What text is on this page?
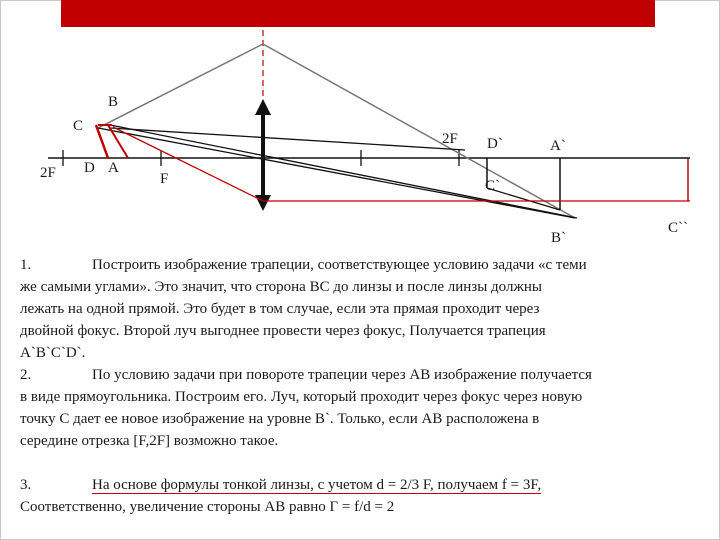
B
C
2F D A
F
2F D`	A`
C`
C``
B`

1.	Построить изображение трапеции, соответствующее условию задачи «с теми
же самыми углами». Это значит, что сторона ВС до линзы и после линзы должны
лежать на одной прямой. Это будет в том случае, если эта прямая проходит через
двойной фокус. Второй луч выгоднее провести через фокус, Получается трапеция
A`B`C`D`.

2.	По условию задачи при повороте трапеции через АВ изображение получается
в виде прямоугольника. Построим его. Луч, который проходит через фокус через новую
точку С дает ее новое изображение на уровне В`. Только, если АВ расположена в
середине отрезка [F,2F] возможно такое.

3.	На основе формулы тонкой линзы, с учетом d = 2/3 F, получаем f = 3F,
Соответственно, увеличение стороны АВ равно Г = f/d = 2
